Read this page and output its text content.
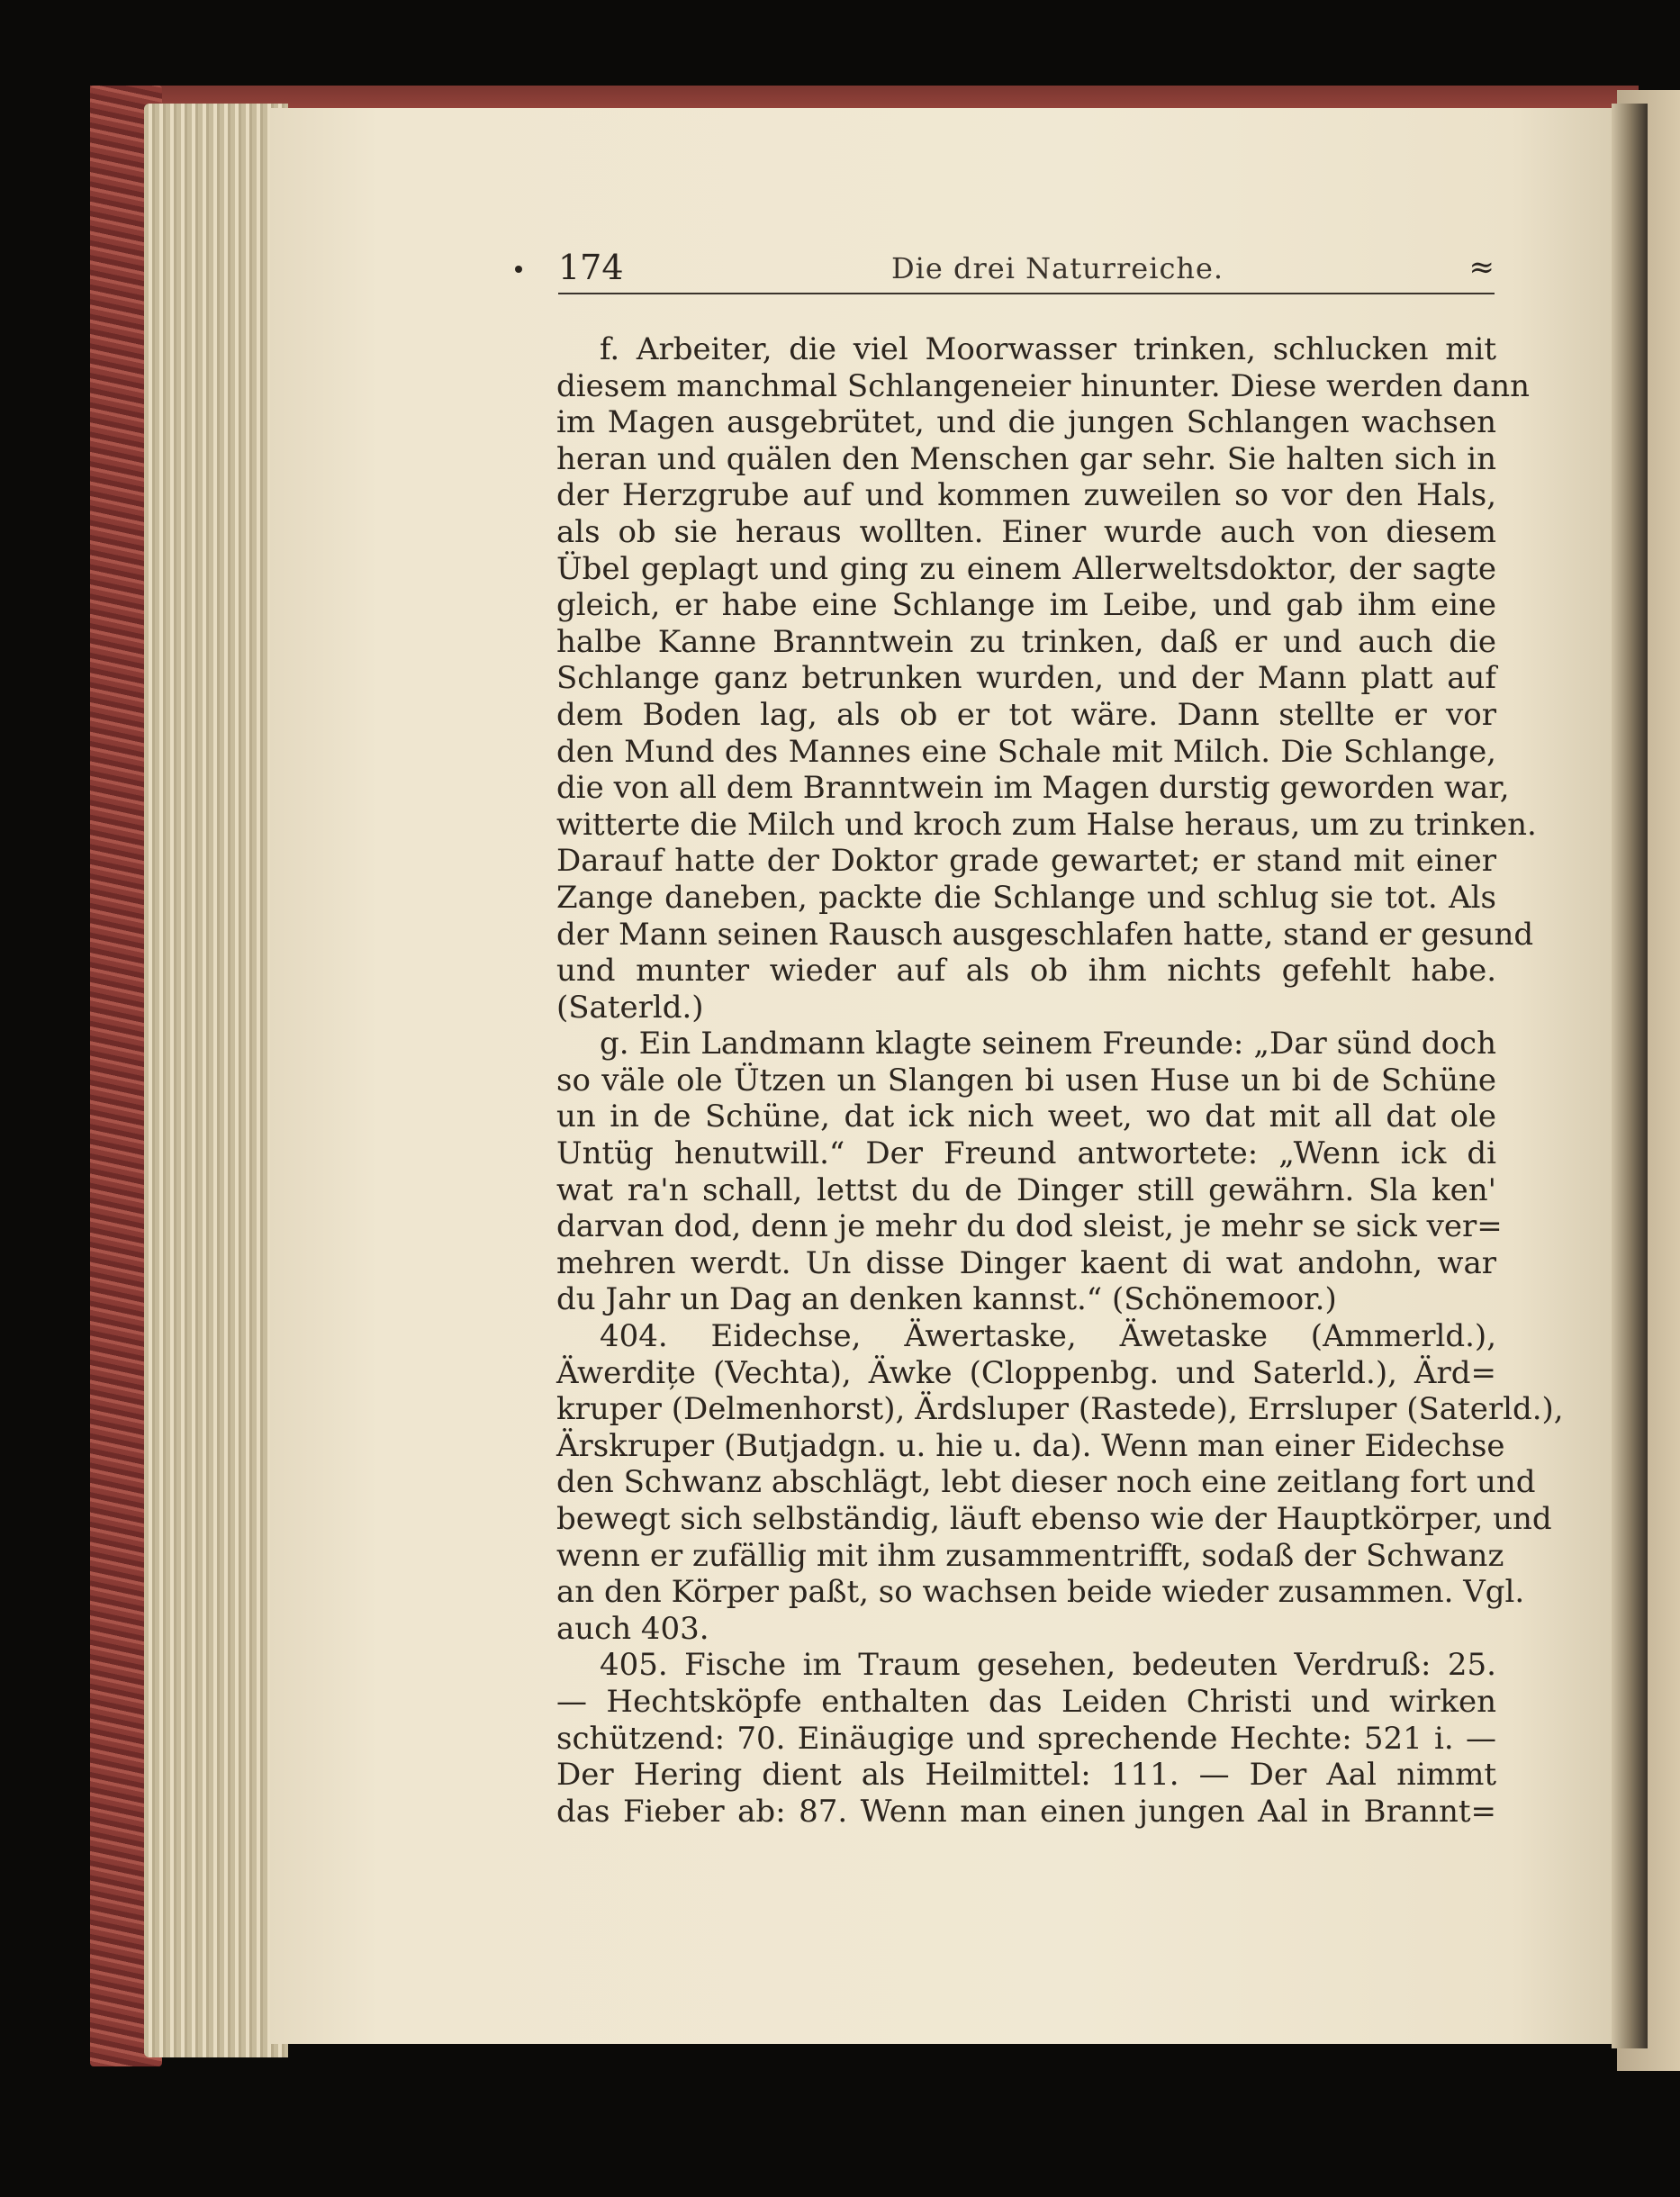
174	Die drei Naturreiche.	≈
f. Arbeiter, die viel Moorwasser trinken, schlucken mit
diesem manchmal Schlangeneier hinunter. Diese werden dann
im Magen ausgebrütet, und die jungen Schlangen wachsen
heran und quälen den Menschen gar sehr. Sie halten sich in
der Herzgrube auf und kommen zuweilen so vor den Hals,
als ob sie heraus wollten. Einer wurde auch von diesem
Übel geplagt und ging zu einem Allerweltsdoktor, der sagte
gleich, er habe eine Schlange im Leibe, und gab ihm eine
halbe Kanne Branntwein zu trinken, daß er und auch die
Schlange ganz betrunken wurden, und der Mann platt auf
dem Boden lag, als ob er tot wäre. Dann stellte er vor
den Mund des Mannes eine Schale mit Milch. Die Schlange,
die von all dem Branntwein im Magen durstig geworden war,
witterte die Milch und kroch zum Halse heraus, um zu trinken.
Darauf hatte der Doktor grade gewartet; er stand mit einer
Zange daneben, packte die Schlange und schlug sie tot. Als
der Mann seinen Rausch ausgeschlafen hatte, stand er gesund
und munter wieder auf als ob ihm nichts gefehlt habe.
(Saterld.)
g. Ein Landmann klagte seinem Freunde: „Dar sünd doch
so väle ole Ützen un Slangen bi usen Huse un bi de Schüne
un in de Schüne, dat ick nich weet, wo dat mit all dat ole
Untüg henutwill.“ Der Freund antwortete: „Wenn ick di
wat ra'n schall, lettst du de Dinger still gewährn. Sla ken'
darvan dod, denn je mehr du dod sleist, je mehr se sick ver=
mehren werdt. Un disse Dinger kaent di wat andohn, war
du Jahr un Dag an denken kannst.“ (Schönemoor.)
404. Eidechse, Äwertaske, Äwetaske (Ammerld.),
Äwerdițe (Vechta), Äwke (Cloppenbg. und Saterld.), Ärd=
kruper (Delmenhorst), Ärdsluper (Rastede), Errsluper (Saterld.),
Ärskruper (Butjadgn. u. hie u. da). Wenn man einer Eidechse
den Schwanz abschlägt, lebt dieser noch eine zeitlang fort und
bewegt sich selbständig, läuft ebenso wie der Hauptkörper, und
wenn er zufällig mit ihm zusammentrifft, sodaß der Schwanz
an den Körper paßt, so wachsen beide wieder zusammen. Vgl.
auch 403.
405. Fische im Traum gesehen, bedeuten Verdruß: 25.
— Hechtsköpfe enthalten das Leiden Christi und wirken
schützend: 70. Einäugige und sprechende Hechte: 521 i. —
Der Hering dient als Heilmittel: 111. — Der Aal nimmt
das Fieber ab: 87. Wenn man einen jungen Aal in Brannt=
